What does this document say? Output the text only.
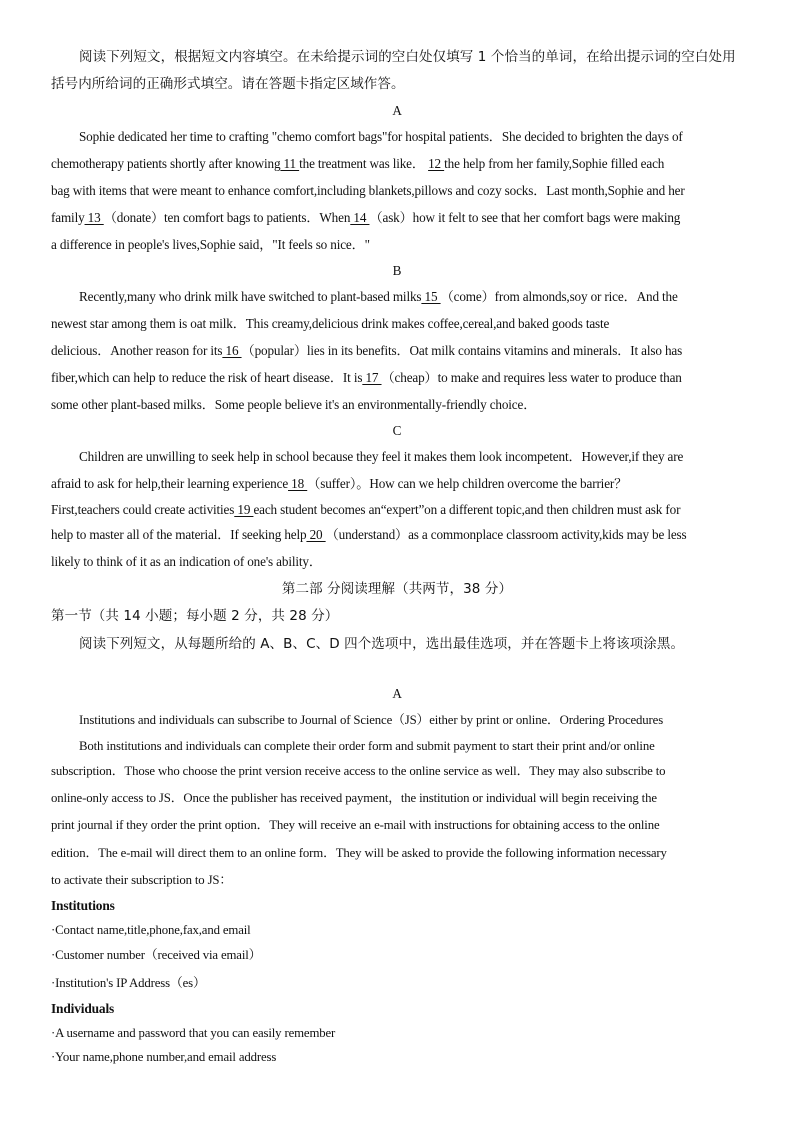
阅读下列短文，根据短文内容填空。在未给提示词的空白处仅填写 1 个恰当的单词，在给出提示词的空白处用
括号内所给词的正确形式填空。请在答题卡指定区域作答。
A
Sophie dedicated her time to crafting "chemo comfort bags"for hospital patients．She decided to brighten the days of
chemotherapy patients shortly after knowing 11 the treatment was like． 12 the help from her family,Sophie filled each
bag with items that were meant to enhance comfort,including blankets,pillows and cozy socks．Last month,Sophie and her
family 13 （donate）ten comfort bags to patients．When 14 （ask）how it felt to see that her comfort bags were making
a difference in people's lives,Sophie said，"It feels so nice．"
B
Recently,many who drink milk have switched to plant-based milks 15 （come）from almonds,soy or rice．And the
newest star among them is oat milk．This creamy,delicious drink makes coffee,cereal,and baked goods taste
delicious．Another reason for its 16 （popular）lies in its benefits．Oat milk contains vitamins and minerals．It also has
fiber,which can help to reduce the risk of heart disease．It is 17 （cheap）to make and requires less water to produce than
some other plant-based milks．Some people believe it's an environmentally-friendly choice．
C
Children are unwilling to seek help in school because they feel it makes them look incompetent．However,if they are
afraid to ask for help,their learning experience 18 （suffer）。How can we help children overcome the barrier？
First,teachers could create activities 19 each student becomes an“expert”on a different topic,and then children must ask for
help to master all of the material．If seeking help 20 （understand）as a commonplace classroom activity,kids may be less
likely to think of it as an indication of one's ability．
第二部 分阅读理解（共两节，38 分）
第一节（共 14 小题；每小题 2 分，共 28 分）
阅读下列短文，从每题所给的 A、B、C、D 四个选项中，选出最佳选项，并在答题卡上将该项涂黑。
A
Institutions and individuals can subscribe to Journal of Science（JS）either by print or online．Ordering Procedures
Both institutions and individuals can complete their order form and submit payment to start their print and/or online
subscription．Those who choose the print version receive access to the online service as well．They may also subscribe to
online-only access to JS．Once the publisher has received payment，the institution or individual will begin receiving the
print journal if they order the print option．They will receive an e-mail with instructions for obtaining access to the online
edition．The e-mail will direct them to an online form．They will be asked to provide the following information necessary
to activate their subscription to JS：
Institutions
·Contact name,title,phone,fax,and email
·Customer number（received via email）
·Institution's IP Address（es）
Individuals
·A username and password that you can easily remember
·Your name,phone number,and email address
